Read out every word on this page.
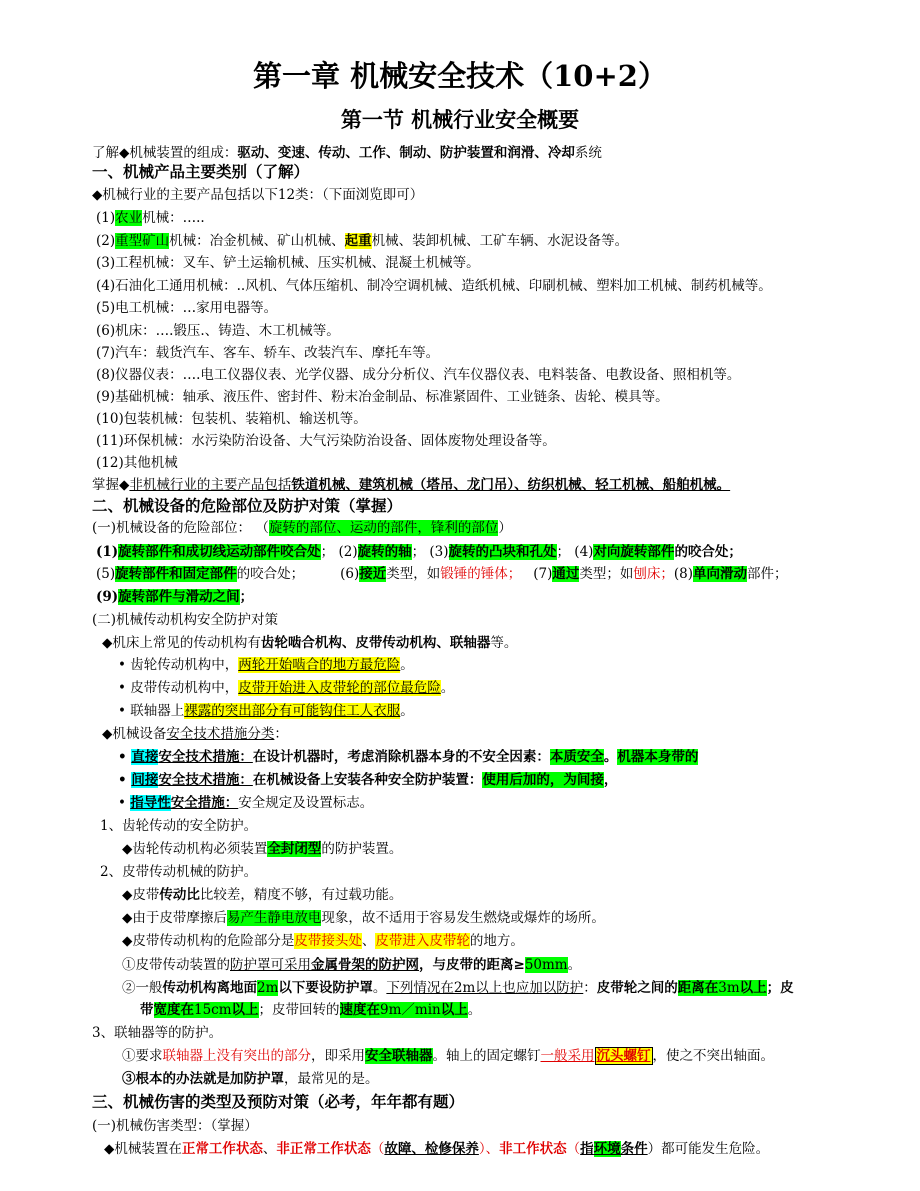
第一章 机械安全技术（10+2）
第一节 机械行业安全概要
了解◆机械装置的组成：驱动、变速、传动、工作、制动、防护装置和润滑、冷却系统
一、机械产品主要类别（了解）
◆机械行业的主要产品包括以下12类：（下面浏览即可）
(1)农业机械：…..
(2)重型矿山机械：冶金机械、矿山机械、起重机械、装卸机械、工矿车辆、水泥设备等。
(3)工程机械：叉车、铲土运输机械、压实机械、混凝土机械等。
(4)石油化工通用机械：..风机、气体压缩机、制冷空调机械、造纸机械、印刷机械、塑料加工机械、制药机械等。
(5)电工机械：…家用电器等。
(6)机床：….锻压.、铸造、木工机械等。
(7)汽车：载货汽车、客车、轿车、改装汽车、摩托车等。
(8)仪器仪表：….电工仪器仪表、光学仪器、成分分析仪、汽车仪器仪表、电料装备、电教设备、照相机等。
(9)基础机械：轴承、液压件、密封件、粉末冶金制品、标准紧固件、工业链条、齿轮、模具等。
(10)包装机械：包装机、装箱机、输送机等。
(11)环保机械：水污染防治设备、大气污染防治设备、固体废物处理设备等。
(12)其他机械
掌握◆非机械行业的主要产品包括铁道机械、建筑机械（塔吊、龙门吊）、纺织机械、轻工机械、船舶机械。
二、机械设备的危险部位及防护对策（掌握）
(一)机械设备的危险部位： （旋转的部位、运动的部件，锋利的部位）
(1)旋转部件和成切线运动部件咬合处； (2)旋转的轴； (3)旋转的凸块和孔处； (4)对向旋转部件的咬合处；
(5)旋转部件和固定部件的咬合处；	(6)接近类型，如锻锤的锤体； (7)通过类型；如刨床；(8)单向滑动部件；
(9)旋转部件与滑动之间；
(二)机械传动机构安全防护对策
◆机床上常见的传动机构有齿轮啮合机构、皮带传动机构、联轴器等。
• 齿轮传动机构中，两轮开始啮合的地方最危险。
• 皮带传动机构中，皮带开始进入皮带轮的部位最危险。
• 联轴器上裸露的突出部分有可能钩住工人衣服。
◆机械设备安全技术措施分类：
• 直接安全技术措施：在设计机器时，考虑消除机器本身的不安全因素：本质安全。机器本身带的
• 间接安全技术措施：在机械设备上安装各种安全防护装置：使用后加的，为间接，
• 指导性安全措施：安全规定及设置标志。
1、齿轮传动的安全防护。
◆齿轮传动机构必须装置全封闭型的防护装置。
2、皮带传动机械的防护。
◆皮带传动比比较差，精度不够，有过载功能。
◆由于皮带摩擦后易产生静电放电现象，故不适用于容易发生燃烧或爆炸的场所。
◆皮带传动机构的危险部分是皮带接头处、皮带进入皮带轮的地方。
①皮带传动装置的防护罩可采用金属骨架的防护网，与皮带的距离≥50mm。
②一般传动机构离地面2m以下要设防护罩。下列情况在2m以上也应加以防护：皮带轮之间的距离在3m以上；皮
带宽度在15cm以上；皮带回转的速度在9m／min以上。
3、联轴器等的防护。
①要求联轴器上没有突出的部分，即采用安全联轴器。轴上的固定螺钉一般采用 沉头螺钉 ，使之不突出轴面。
③根本的办法就是加防护罩，最常见的是。
三、机械伤害的类型及预防对策（必考，年年都有题）
(一)机械伤害类型：（掌握）
◆机械装置在正常工作状态、非正常工作状态（故障、检修保养）、非工作状态（指环境条件）都可能发生危险。
